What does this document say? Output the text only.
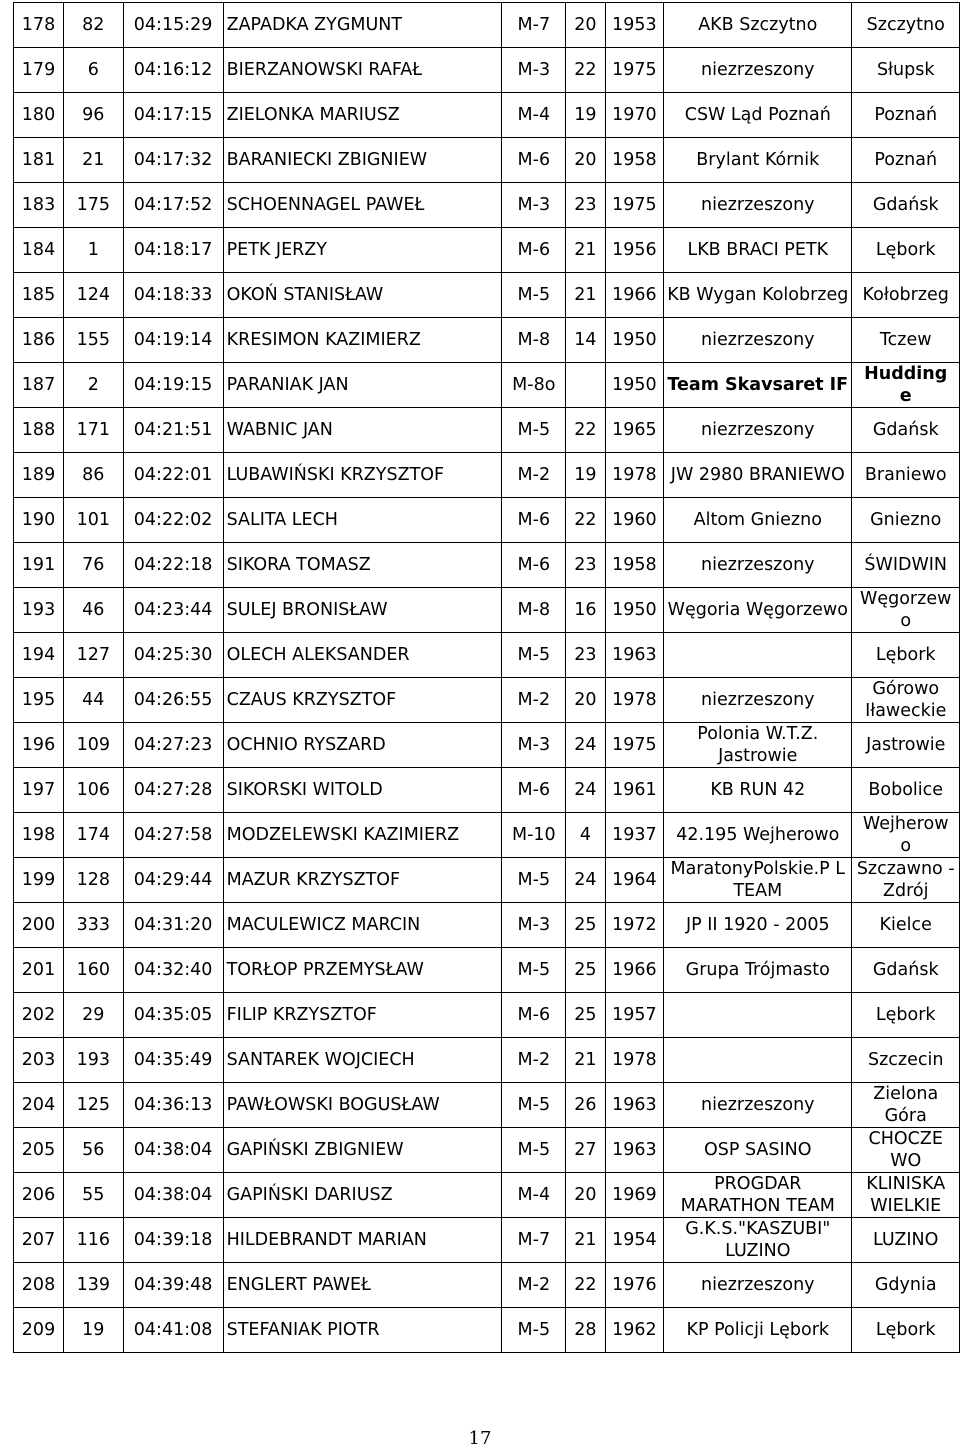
178	82	04:15:29	ZAPADKA ZYGMUNT	M-7	20	1953	AKB Szczytno	Szczytno
179	6	04:16:12	BIERZANOWSKI RAFAŁ	M-3	22	1975	niezrzeszony	Słupsk
180	96	04:17:15	ZIELONKA MARIUSZ	M-4	19	1970	CSW Ląd Poznań	Poznań
181	21	04:17:32	BARANIECKI ZBIGNIEW	M-6	20	1958	Brylant Kórnik	Poznań
183	175	04:17:52	SCHOENNAGEL PAWEŁ	M-3	23	1975	niezrzeszony	Gdańsk
184	1	04:18:17	PETK JERZY	M-6	21	1956	LKB BRACI PETK	Lębork
185	124	04:18:33	OKOŃ STANISŁAW	M-5	21	1966	KB Wygan Kolobrzeg	Kołobrzeg
186	155	04:19:14	KRESIMON KAZIMIERZ	M-8	14	1950	niezrzeszony	Tczew
187	2	04:19:15	PARANIAK JAN	M-8o		1950	Team Skavsaret IF	Hudding e
188	171	04:21:51	WABNIC JAN	M-5	22	1965	niezrzeszony	Gdańsk
189	86	04:22:01	LUBAWIŃSKI KRZYSZTOF	M-2	19	1978	JW 2980 BRANIEWO	Braniewo
190	101	04:22:02	SALITA LECH	M-6	22	1960	Altom Gniezno	Gniezno
191	76	04:22:18	SIKORA TOMASZ	M-6	23	1958	niezrzeszony	ŚWIDWIN
193	46	04:23:44	SULEJ BRONISŁAW	M-8	16	1950	Węgoria Węgorzewo	Węgorzew o
194	127	04:25:30	OLECH ALEKSANDER	M-5	23	1963		Lębork
195	44	04:26:55	CZAUS KRZYSZTOF	M-2	20	1978	niezrzeszony	Górowo Iławeckie
196	109	04:27:23	OCHNIO RYSZARD	M-3	24	1975	Polonia W.T.Z. Jastrowie	Jastrowie
197	106	04:27:28	SIKORSKI WITOLD	M-6	24	1961	KB RUN 42	Bobolice
198	174	04:27:58	MODZELEWSKI KAZIMIERZ	M-10	4	1937	42.195 Wejherowo	Wejherow o
199	128	04:29:44	MAZUR KRZYSZTOF	M-5	24	1964	MaratonyPolskie.P L TEAM	Szczawno -Zdrój
200	333	04:31:20	MACULEWICZ MARCIN	M-3	25	1972	JP II 1920 - 2005	Kielce
201	160	04:32:40	TORŁOP PRZEMYSŁAW	M-5	25	1966	Grupa Trójmasto	Gdańsk
202	29	04:35:05	FILIP KRZYSZTOF	M-6	25	1957		Lębork
203	193	04:35:49	SANTAREK WOJCIECH	M-2	21	1978		Szczecin
204	125	04:36:13	PAWŁOWSKI BOGUSŁAW	M-5	26	1963	niezrzeszony	Zielona Góra
205	56	04:38:04	GAPIŃSKI ZBIGNIEW	M-5	27	1963	OSP SASINO	CHOCZE WO
206	55	04:38:04	GAPIŃSKI DARIUSZ	M-4	20	1969	PROGDAR MARATHON TEAM	KLINISKA WIELKIE
207	116	04:39:18	HILDEBRANDT MARIAN	M-7	21	1954	G.K.S."KASZUBI" LUZINO	LUZINO
208	139	04:39:48	ENGLERT PAWEŁ	M-2	22	1976	niezrzeszony	Gdynia
209	19	04:41:08	STEFANIAK PIOTR	M-5	28	1962	KP Policji Lębork	Lębork
17
